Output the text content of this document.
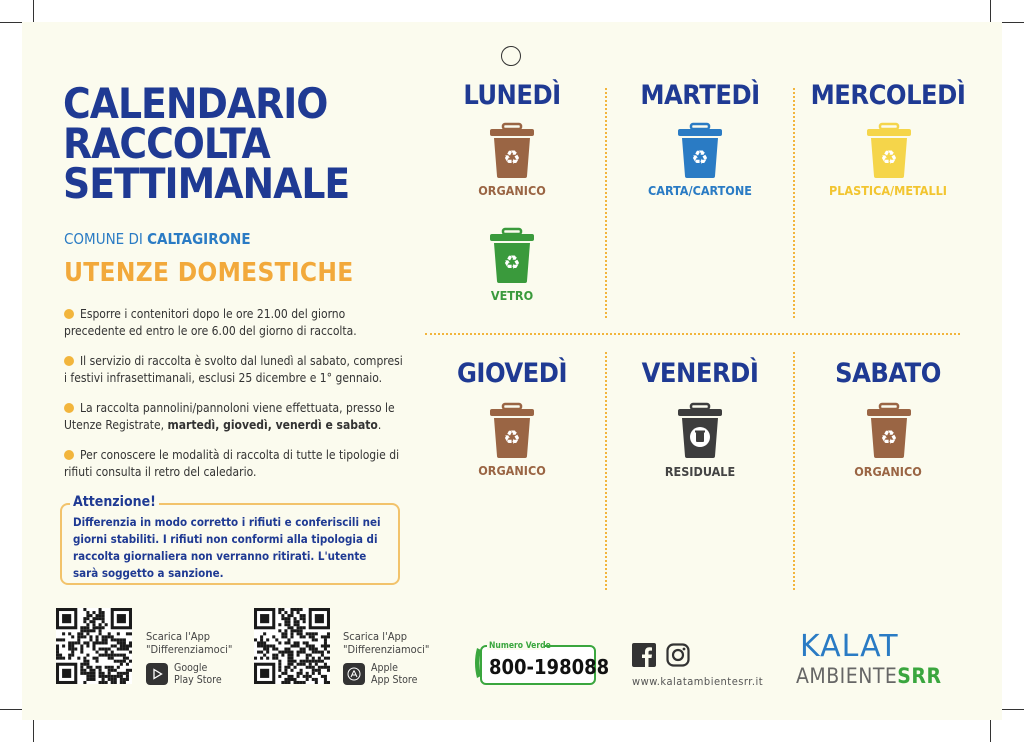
CALENDARIO
RACCOLTA
SETTIMANALE
COMUNE DI CALTAGIRONE
UTENZE DOMESTICHE
Esporre i contenitori dopo le ore 21.00 del giorno precedente ed entro le ore 6.00 del giorno di raccolta.
Il servizio di raccolta è svolto dal lunedì al sabato, compresi i festivi infrasettimanali, esclusi 25 dicembre e 1° gennaio.
La raccolta pannolini/pannoloni viene effettuata, presso le Utenze Registrate, martedì, giovedì, venerdì e sabato.
Per conoscere le modalità di raccolta di tutte le tipologie di rifiuti consulta il retro del caledario.
Attenzione!
Differenzia in modo corretto i rifiuti e conferiscili nei giorni stabiliti. I rifiuti non conformi alla tipologia di raccolta giornaliera non verranno ritirati. L'utente sarà soggetto a sanzione.
Scarica l'App
"Differenziamoci"
Google
Play Store
Scarica l'App
"Differenziamoci"
Apple
App Store
LUNEDÌ
♻
ORGANICO
♻
VETRO
MARTEDÌ
♻
CARTA/CARTONE
MERCOLEDÌ
♻
PLASTICA/METALLI
GIOVEDÌ
♻
ORGANICO
VENERDÌ
RESIDUALE
SABATO
♻
ORGANICO
Numero Verde
800-198088
www.kalatambientesrr.it
KALAT
AMBIENTESRR
